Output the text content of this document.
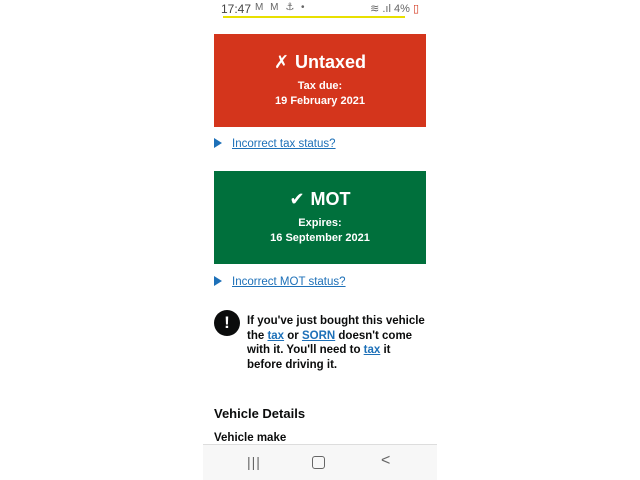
17:47 M M ⚓ •	≋ .ıl 4% ▯
✗ Untaxed
Tax due:
19 February 2021
Incorrect tax status?
✔ MOT
Expires:
16 September 2021
Incorrect MOT status?
!	If you've just bought this vehicle the tax or SORN doesn't come with it. You'll need to tax it before driving it.
Vehicle Details
Vehicle make
|||	<
